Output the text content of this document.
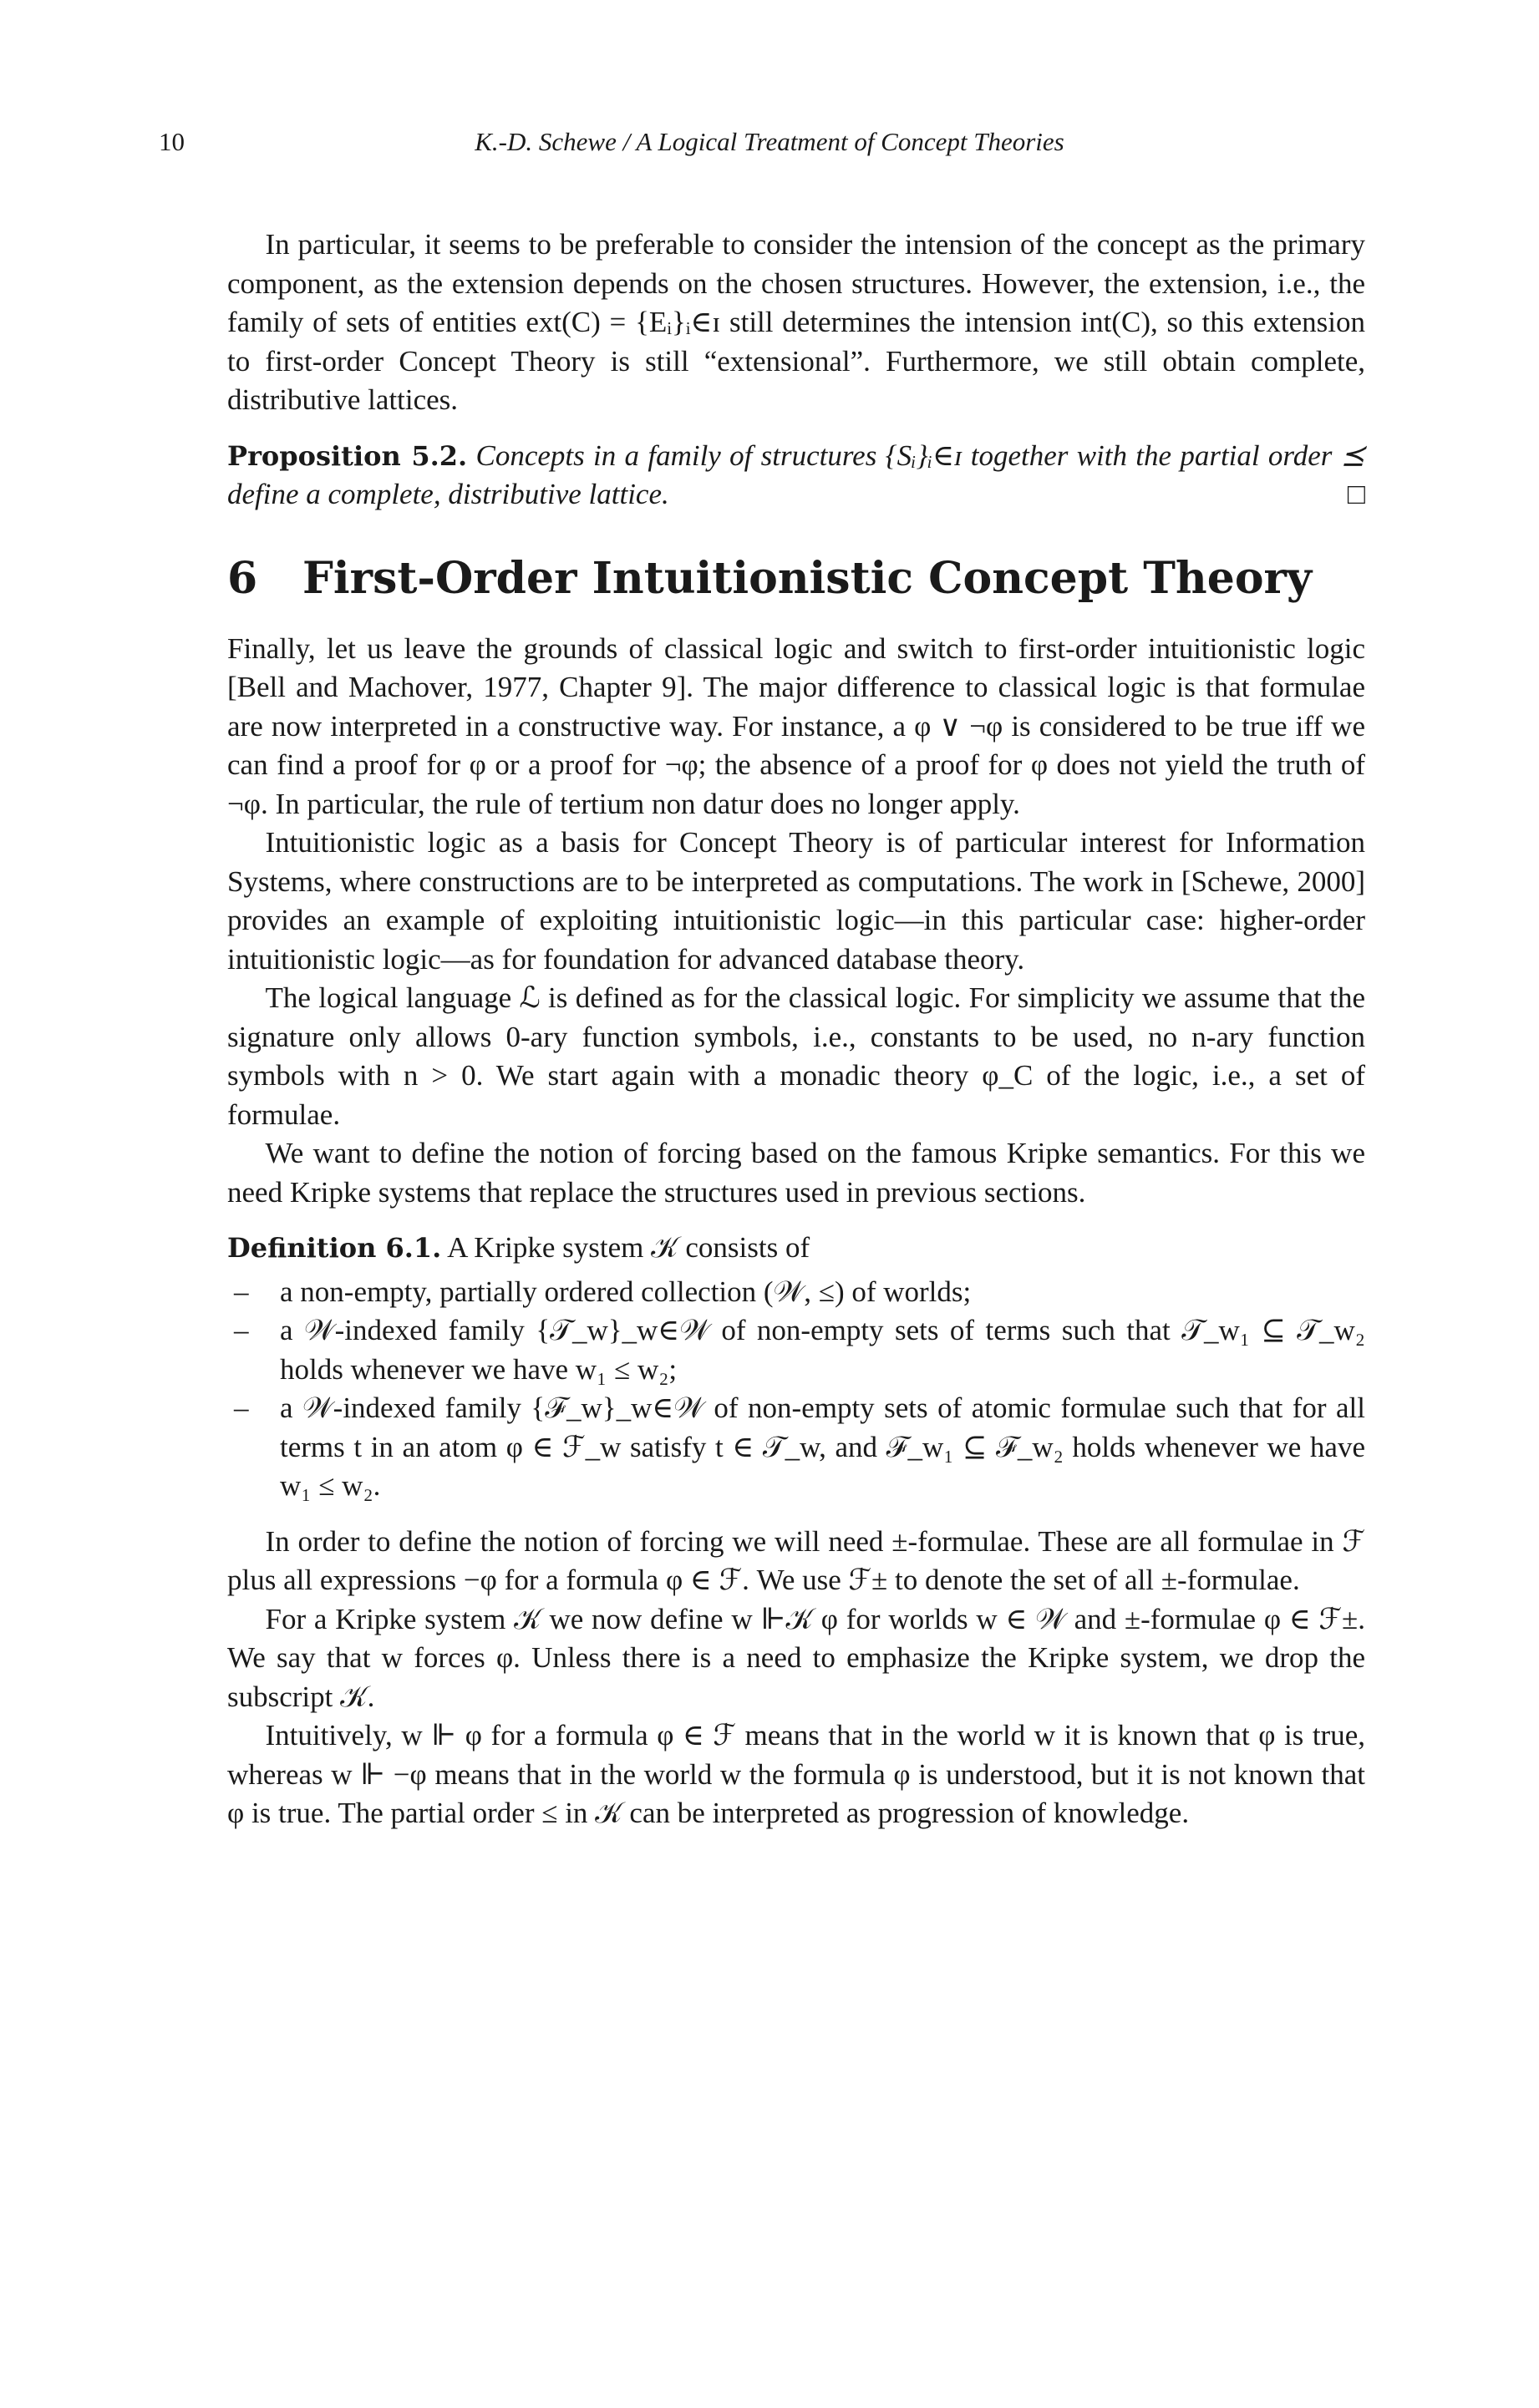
10	K.-D. Schewe / A Logical Treatment of Concept Theories

In particular, it seems to be preferable to consider the intension of the concept as the primary component, as the extension depends on the chosen structures. However, the extension, i.e., the family of sets of entities ext(C) = {Eᵢ}ᵢ∈ɪ still determines the intension int(C), so this extension to first-order Concept Theory is still “extensional”. Furthermore, we still obtain complete, distributive lattices.

Proposition 5.2. Concepts in a family of structures {Sᵢ}ᵢ∈ɪ together with the partial order ⪯ define a complete, distributive lattice.	□

6 First-Order Intuitionistic Concept Theory

Finally, let us leave the grounds of classical logic and switch to first-order intuitionistic logic [Bell and Machover, 1977, Chapter 9]. The major difference to classical logic is that formulae are now interpreted in a constructive way. For instance, a φ ∨ ¬φ is considered to be true iff we can find a proof for φ or a proof for ¬φ; the absence of a proof for φ does not yield the truth of ¬φ. In particular, the rule of tertium non datur does no longer apply.

Intuitionistic logic as a basis for Concept Theory is of particular interest for Information Systems, where constructions are to be interpreted as computations. The work in [Schewe, 2000] provides an example of exploiting intuitionistic logic—in this particular case: higher-order intuitionistic logic—as for foundation for advanced database theory.

The logical language ℒ is defined as for the classical logic. For simplicity we assume that the signature only allows 0-ary function symbols, i.e., constants to be used, no n-ary function symbols with n > 0. We start again with a monadic theory φ_C of the logic, i.e., a set of formulae.

We want to define the notion of forcing based on the famous Kripke semantics. For this we need Kripke systems that replace the structures used in previous sections.

Definition 6.1. A Kripke system 𝒦 consists of

– a non-empty, partially ordered collection (𝒲, ≤) of worlds;
– a 𝒲-indexed family {𝒯_w}_w∈𝒲 of non-empty sets of terms such that 𝒯_w₁ ⊆ 𝒯_w₂ holds whenever we have w₁ ≤ w₂;
– a 𝒲-indexed family {ℱ_w}_w∈𝒲 of non-empty sets of atomic formulae such that for all terms t in an atom φ ∈ ℱ_w satisfy t ∈ 𝒯_w, and ℱ_w₁ ⊆ ℱ_w₂ holds whenever we have w₁ ≤ w₂.

In order to define the notion of forcing we will need ±-formulae. These are all formulae in ℱ plus all expressions −φ for a formula φ ∈ ℱ. We use ℱ± to denote the set of all ±-formulae.

For a Kripke system 𝒦 we now define w ⊩𝒦 φ for worlds w ∈ 𝒲 and ±-formulae φ ∈ ℱ±. We say that w forces φ. Unless there is a need to emphasize the Kripke system, we drop the subscript 𝒦.

Intuitively, w ⊩ φ for a formula φ ∈ ℱ means that in the world w it is known that φ is true, whereas w ⊩ −φ means that in the world w the formula φ is understood, but it is not known that φ is true. The partial order ≤ in 𝒦 can be interpreted as progression of knowledge.
